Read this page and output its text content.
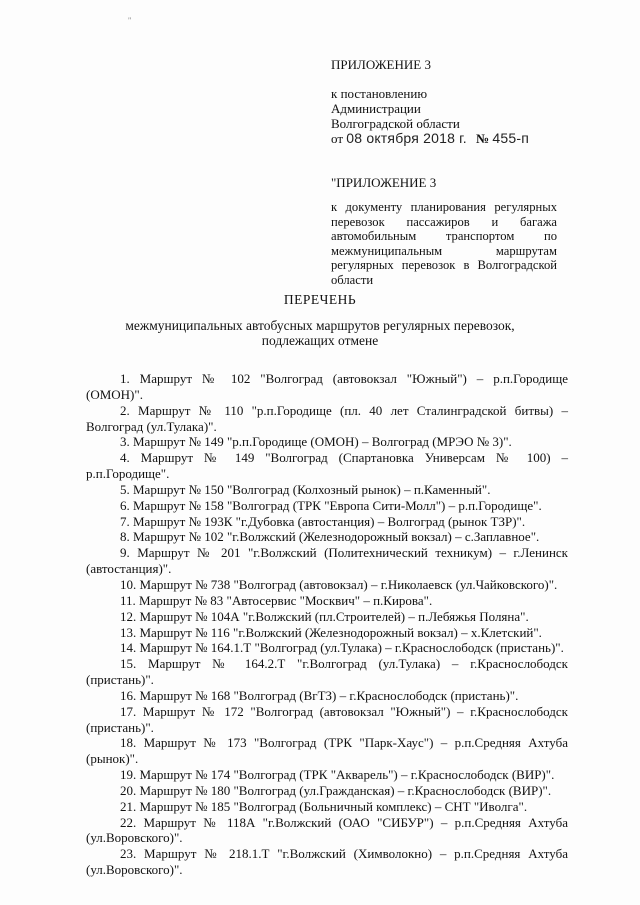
"
ПРИЛОЖЕНИЕ 3
к постановлению
Администрации
Волгоградской области
от 08 октября 2018 г. № 455-п
"ПРИЛОЖЕНИЕ 3
к документу планирования регулярных перевозок пассажиров и багажа автомобильным транспортом по межмуниципальным маршрутам регулярных перевозок в Волгоградской области
ПЕРЕЧЕНЬ
межмуниципальных автобусных маршрутов регулярных перевозок,
подлежащих отмене

1. Маршрут № 102 "Волгоград (автовокзал "Южный") – р.п.Городище (ОМОН)".

2. Маршрут № 110 "р.п.Городище (пл. 40 лет Сталинградской битвы) – Волгоград (ул.Тулака)".

3. Маршрут № 149 "р.п.Городище (ОМОН) – Волгоград (МРЭО № 3)".

4. Маршрут № 149 "Волгоград (Спартановка Универсам № 100) – р.п.Городище".

5. Маршрут № 150 "Волгоград (Колхозный рынок) – п.Каменный".

6. Маршрут № 158 "Волгоград (ТРК "Европа Сити-Молл") – р.п.Городище".

7. Маршрут № 193К "г.Дубовка (автостанция) – Волгоград (рынок ТЗР)".

8. Маршрут № 102 "г.Волжский (Железнодорожный вокзал) – с.Заплавное".

9. Маршрут № 201 "г.Волжский (Политехнический техникум) – г.Ленинск (автостанция)".

10. Маршрут № 738 "Волгоград (автовокзал) – г.Николаевск (ул.Чайковского)".

11. Маршрут № 83 "Автосервис "Москвич" – п.Кирова".

12. Маршрут № 104А "г.Волжский (пл.Строителей) – п.Лебяжья Поляна".

13. Маршрут № 116 "г.Волжский (Железнодорожный вокзал) – х.Клетский".

14. Маршрут № 164.1.Т "Волгоград (ул.Тулака) – г.Краснослободск (пристань)".

15. Маршрут № 164.2.Т "г.Волгоград (ул.Тулака) – г.Краснослободск (пристань)".

16. Маршрут № 168 "Волгоград (ВгТЗ) – г.Краснослободск (пристань)".

17. Маршрут № 172 "Волгоград (автовокзал "Южный") – г.Краснослободск (пристань)".

18. Маршрут № 173 "Волгоград (ТРК "Парк-Хаус") – р.п.Средняя Ахтуба (рынок)".

19. Маршрут № 174 "Волгоград (ТРК "Акварель") – г.Краснослободск (ВИР)".

20. Маршрут № 180 "Волгоград (ул.Гражданская) – г.Краснослободск (ВИР)".

21. Маршрут № 185 "Волгоград (Больничный комплекс) – СНТ "Иволга".

22. Маршрут № 118А "г.Волжский (ОАО "СИБУР") – р.п.Средняя Ахтуба (ул.Воровского)".

23. Маршрут № 218.1.Т "г.Волжский (Химволокно) – р.п.Средняя Ахтуба (ул.Воровского)".
